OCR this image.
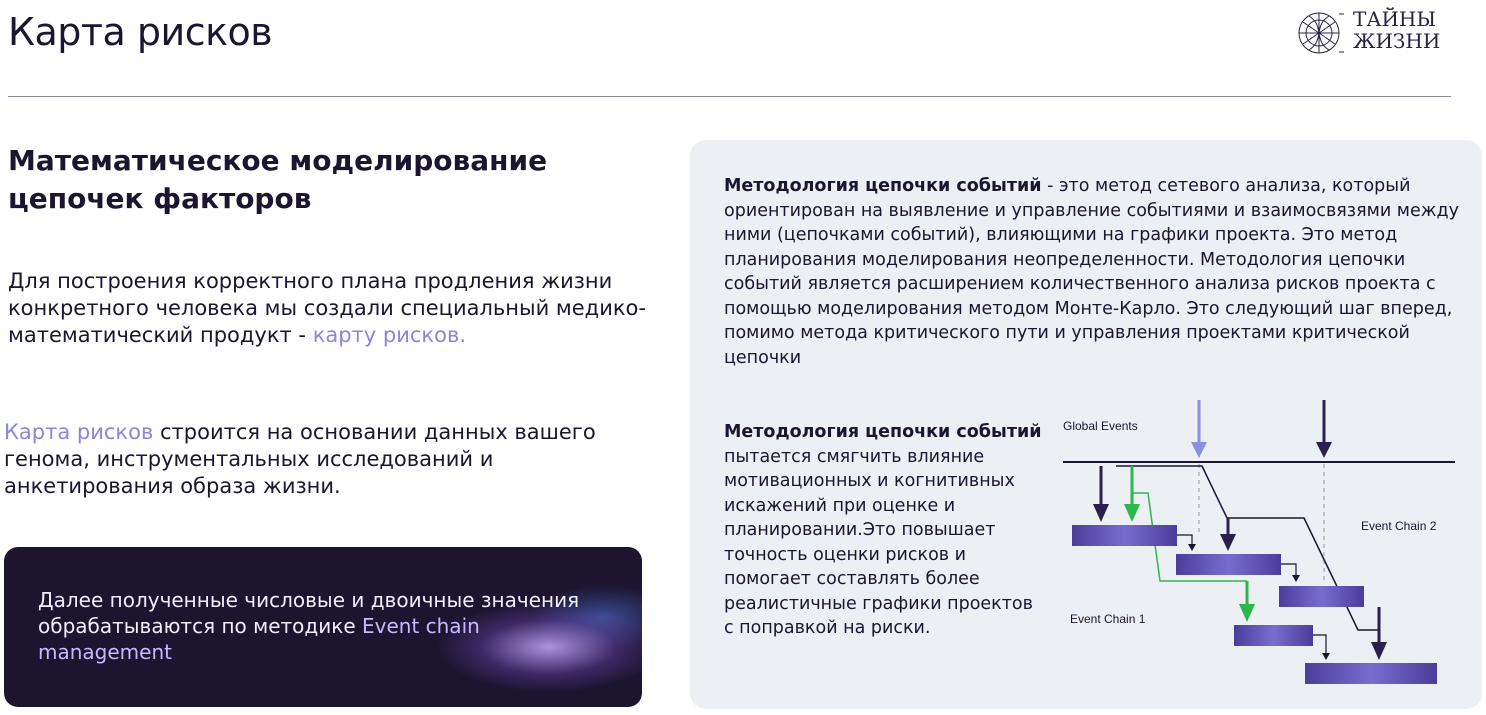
Карта рисков	ТАЙНЫ
ЖИЗНИ
Математическое моделирование цепочек факторов
Для построения корректного плана продления жизни конкретного человека мы создали специальный медико-математический продукт - карту рисков.
Карта рисков строится на основании данных вашего генома, инструментальных исследований и анкетирования образа жизни.
Далее полученные числовые и двоичные значения обрабатываются по методике Event chain management
Методология цепочки событий - это метод сетевого анализа, который ориентирован на выявление и управление событиями и взаимосвязями между ними (цепочками событий), влияющими на графики проекта. Это метод планирования моделирования неопределенности. Методология цепочки событий является расширением количественного анализа рисков проекта с помощью моделирования методом Монте-Карло. Это следующий шаг вперед, помимо метода критического пути и управления проектами критической цепочки
Методология цепочки событий пытается смягчить влияние мотивационных и когнитивных искажений при оценке и планировании.Это повышает точность оценки рисков и помогает составлять более реалистичные графики проектов с поправкой на риски.
Global Events
Event Chain 2
Event Chain 1
